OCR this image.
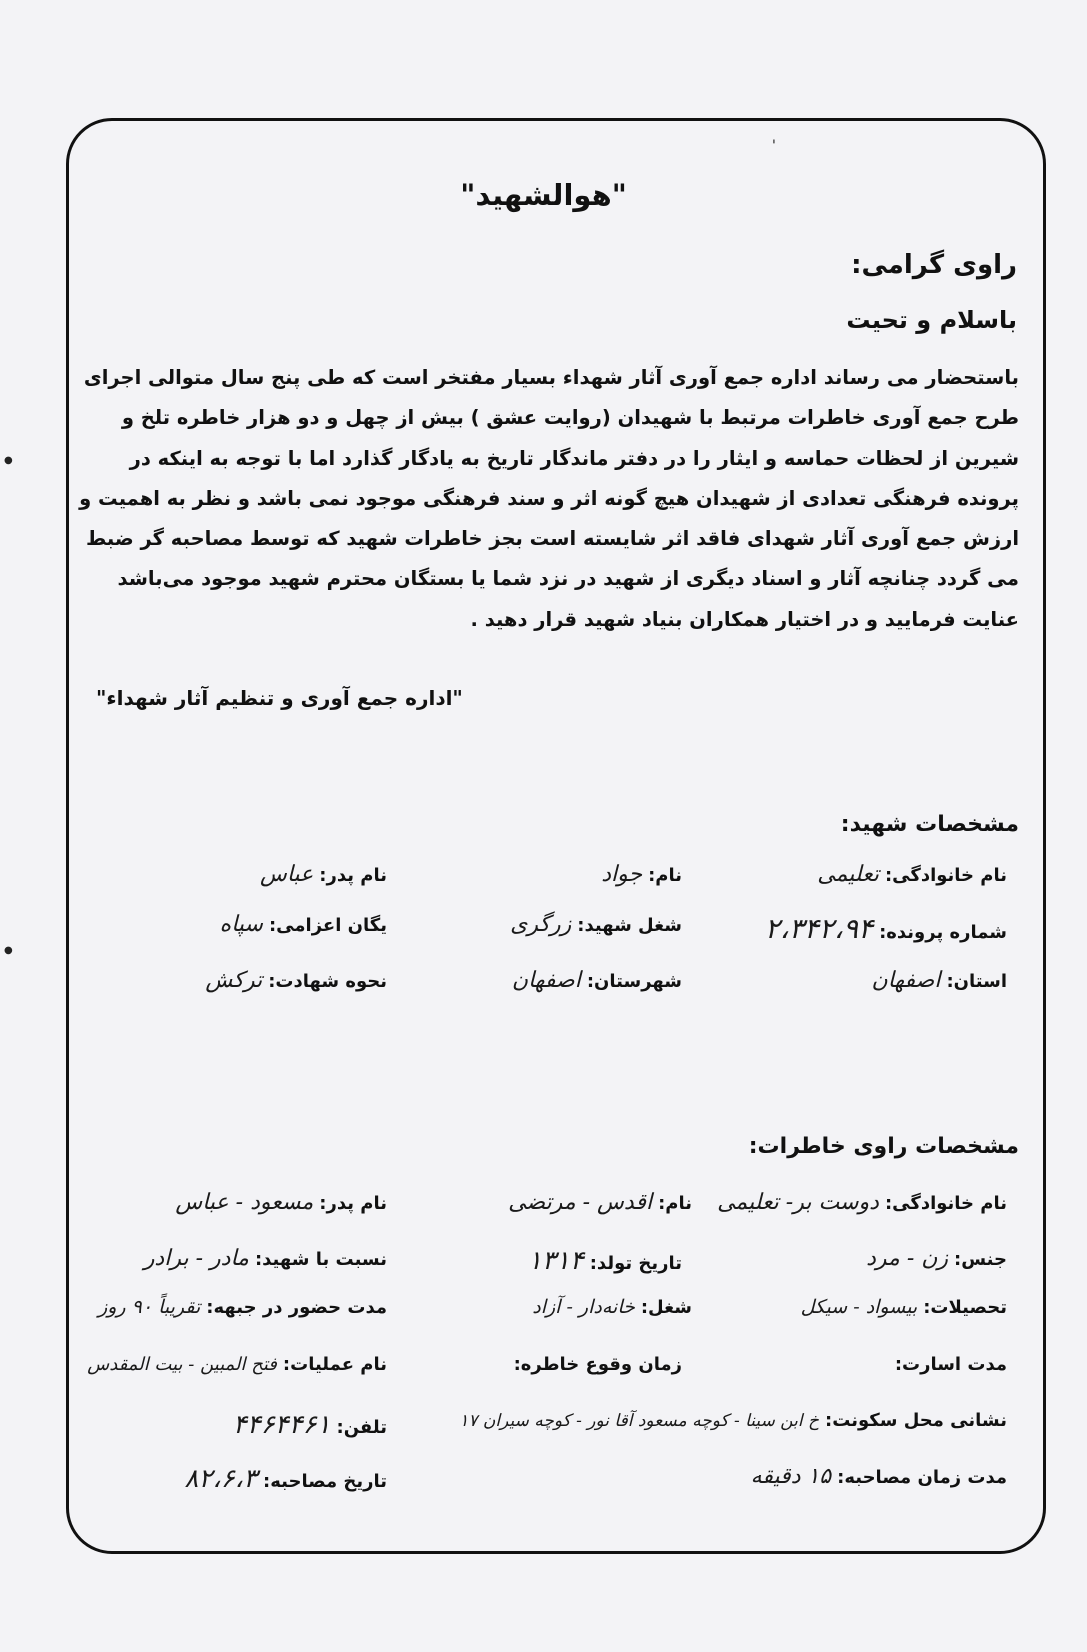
'
●
●
"هوالشهید"
راوی گرامی:
باسلام و تحیت
باستحضار می رساند اداره جمع آوری آثار شهداء بسیار مفتخر است که طی پنج سال متوالی اجرای
طرح جمع آوری خاطرات مرتبط با شهیدان (روایت عشق ) بیش از چهل و دو هزار خاطره تلخ و
شیرین از لحظات حماسه و ایثار را در دفتر ماندگار تاریخ به یادگار گذارد اما با توجه به اینکه در
پرونده فرهنگی تعدادی از شهیدان هیچ گونه اثر و سند فرهنگی موجود نمی باشد و نظر به اهمیت و
ارزش جمع آوری آثار شهدای فاقد اثر شایسته است بجز خاطرات شهید که توسط مصاحبه گر ضبط
می گردد چنانچه آثار و اسناد دیگری از شهید در نزد شما یا بستگان محترم شهید موجود می‌باشد
عنایت فرمایید و در اختیار همکاران بنیاد شهید قرار دهید .
"اداره جمع آوری و تنظیم آثار شهداء"
مشخصات شهید:
نام خانوادگی:
تعلیمی
نام:
جواد
نام پدر:
عباس
شماره پرونده:
۲،۳۴۲،۹۴
شغل شهید:
زرگری
یگان اعزامی:
سپاه
استان:
اصفهان
شهرستان:
اصفهان
نحوه شهادت:
ترکش
مشخصات راوی خاطرات:
نام خانوادگی:
دوست بر- تعلیمی
نام:
اقدس - مرتضی
نام پدر:
مسعود - عباس
جنس:
زن - مرد
تاریخ تولد:
۱۳۱۴
نسبت با شهید:
مادر - برادر
تحصیلات:
بیسواد - سیکل
شغل:
خانه‌دار - آزاد
مدت حضور در جبهه:
تقریباً ۹۰ روز
مدت اسارت:
زمان وقوع خاطره:
نام عملیات:
فتح المبین - بیت المقدس
نشانی محل سکونت:
خ ابن سینا - کوچه مسعود آقا نور - کوچه سیران ۱۷
تلفن:
۴۴۶۴۴۶۱
مدت زمان مصاحبه:
۱۵ دقیقه
تاریخ مصاحبه:
۸۲،۶،۳
